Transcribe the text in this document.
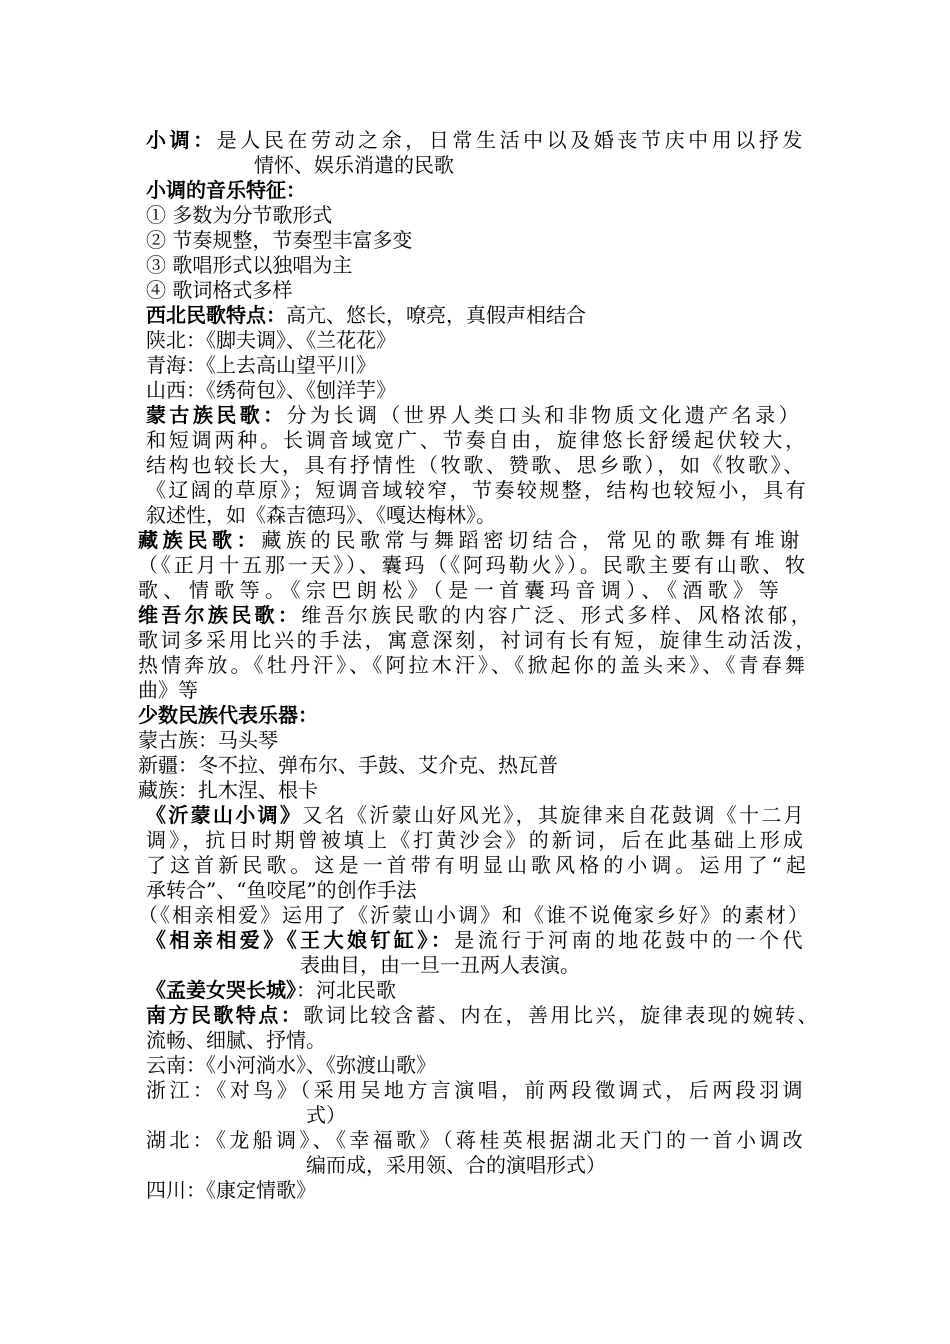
小调：是人民在劳动之余，日常生活中以及婚丧节庆中用以抒发
情怀、娱乐消遣的民歌
小调的音乐特征：
① 多数为分节歌形式
② 节奏规整，节奏型丰富多变
③ 歌唱形式以独唱为主
④ 歌词格式多样
西北民歌特点：高亢、悠长，嘹亮，真假声相结合
陕北：《脚夫调》、《兰花花》
青海：《上去高山望平川》
山西：《绣荷包》、《刨洋芋》
蒙古族民歌：分为长调（世界人类口头和非物质文化遗产名录）
和短调两种。长调音域宽广、节奏自由，旋律悠长舒缓起伏较大，
结构也较长大，具有抒情性（牧歌、赞歌、思乡歌），如《牧歌》、
《辽阔的草原》；短调音域较窄，节奏较规整，结构也较短小，具有
叙述性，如《森吉德玛》、《嘎达梅林》。
藏族民歌：藏族的民歌常与舞蹈密切结合，常见的歌舞有堆谢
（《正月十五那一天》）、囊玛（《阿玛勒火》）。民歌主要有山歌、牧
歌、情歌等。《宗巴朗松》（是一首囊玛音调）、《酒歌》等
维吾尔族民歌：维吾尔族民歌的内容广泛、形式多样、风格浓郁，
歌词多采用比兴的手法，寓意深刻，衬词有长有短，旋律生动活泼，
热情奔放。《牡丹汗》、《阿拉木汗》、《掀起你的盖头来》、《青春舞
曲》等
少数民族代表乐器：
蒙古族：马头琴
新疆：冬不拉、弹布尔、手鼓、艾介克、热瓦普
藏族：扎木涅、根卡
《沂蒙山小调》又名《沂蒙山好风光》，其旋律来自花鼓调《十二月
调》，抗日时期曾被填上《打黄沙会》的新词，后在此基础上形成
了这首新民歌。这是一首带有明显山歌风格的小调。运用了“起
承转合”、“鱼咬尾”的创作手法
（《相亲相爱》运用了《沂蒙山小调》和《谁不说俺家乡好》的素材）
《相亲相爱》《王大娘钉缸》：是流行于河南的地花鼓中的一个代
表曲目，由一旦一丑两人表演。
《孟姜女哭长城》：河北民歌
南方民歌特点：歌词比较含蓄、内在，善用比兴，旋律表现的婉转、
流畅、细腻、抒情。
云南：《小河淌水》、《弥渡山歌》
浙江：《对鸟》（采用吴地方言演唱，前两段徵调式，后两段羽调
式）
湖北：《龙船调》、《幸福歌》（蒋桂英根据湖北天门的一首小调改
编而成，采用领、合的演唱形式）
四川：《康定情歌》
